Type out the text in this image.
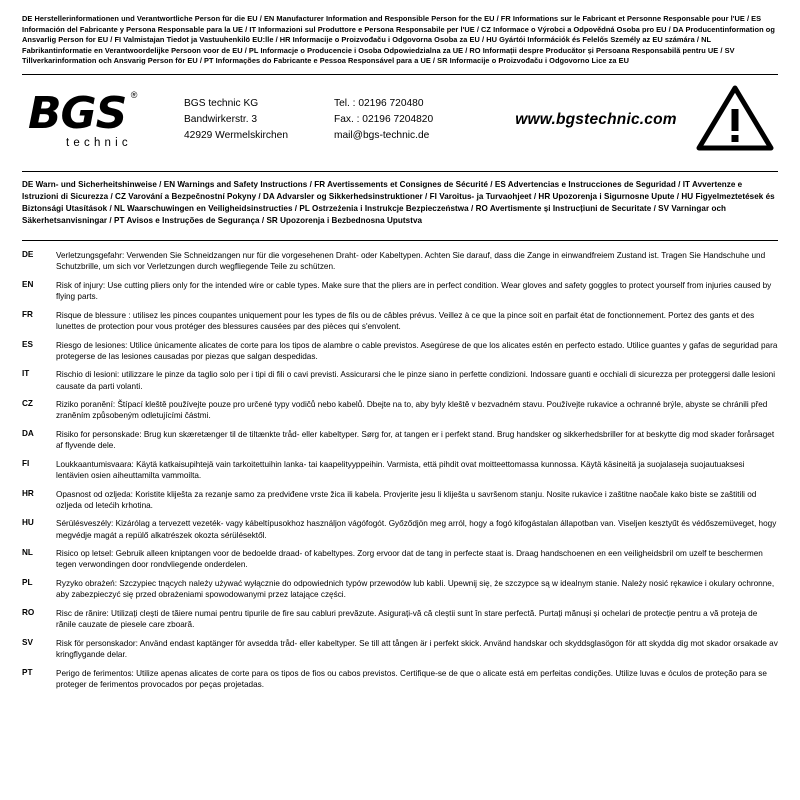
DE Herstellerinformationen und Verantwortliche Person für die EU / EN Manufacturer Information and Responsible Person for the EU / FR Informations sur le Fabricant et Personne Responsable pour l'UE / ES Información del Fabricante y Persona Responsable para la UE / IT Informazioni sul Produttore e Persona Responsabile per l'UE / CZ Informace o Výrobci a Odpovědná Osoba pro EU / DA Producentinformation og Ansvarlig Person for EU / FI Valmistajan Tiedot ja Vastuuhenkilö EU:lle / HR Informacije o Proizvođaču i Odgovorna Osoba za EU / HU Gyártói Információk és Felelős Személy az EU számára / NL Fabrikantinformatie en Verantwoordelijke Persoon voor de EU / PL Informacje o Producencie i Osoba Odpowiedzialna za UE / RO Informații despre Producător și Persoana Responsabilă pentru UE / SV Tillverkarinformation och Ansvarig Person för EU / PT Informações do Fabricante e Pessoa Responsável para a UE / SR Informacije o Proizvođaču i Odgovorno Lice za EU
BGS ®
technic
BGS technic KG
Bandwirkerstr. 3
42929 Wermelskirchen
Tel. : 02196 720480
Fax. : 02196 7204820
mail@bgs-technic.de
www.bgstechnic.com
DE Warn- und Sicherheitshinweise / EN Warnings and Safety Instructions / FR Avertissements et Consignes de Sécurité / ES Advertencias e Instrucciones de Seguridad / IT Avvertenze e Istruzioni di Sicurezza / CZ Varování a Bezpečnostní Pokyny / DA Advarsler og Sikkerhedsinstruktioner / FI Varoitus- ja Turvaohjeet / HR Upozorenja i Sigurnosne Upute / HU Figyelmeztetések és Biztonsági Utasítások / NL Waarschuwingen en Veiligheidsinstructies / PL Ostrzeżenia i Instrukcje Bezpieczeństwa / RO Avertismente și Instrucțiuni de Securitate / SV Varningar och Säkerhetsanvisningar / PT Avisos e Instruções de Segurança / SR Upozorenja i Bezbednosna Uputstva
DE	Verletzungsgefahr: Verwenden Sie Schneidzangen nur für die vorgesehenen Draht- oder Kabeltypen. Achten Sie darauf, dass die Zange in einwandfreiem Zustand ist. Tragen Sie Handschuhe und Schutzbrille, um sich vor Verletzungen durch wegfliegende Teile zu schützen.
EN	Risk of injury: Use cutting pliers only for the intended wire or cable types. Make sure that the pliers are in perfect condition. Wear gloves and safety goggles to protect yourself from injuries caused by flying parts.
FR	Risque de blessure : utilisez les pinces coupantes uniquement pour les types de fils ou de câbles prévus. Veillez à ce que la pince soit en parfait état de fonctionnement. Portez des gants et des lunettes de protection pour vous protéger des blessures causées par des pièces qui s'envolent.
ES	Riesgo de lesiones: Utilice únicamente alicates de corte para los tipos de alambre o cable previstos. Asegúrese de que los alicates estén en perfecto estado. Utilice guantes y gafas de seguridad para protegerse de las lesiones causadas por piezas que salgan despedidas.
IT	Rischio di lesioni: utilizzare le pinze da taglio solo per i tipi di fili o cavi previsti. Assicurarsi che le pinze siano in perfette condizioni. Indossare guanti e occhiali di sicurezza per proteggersi dalle lesioni causate da parti volanti.
CZ	Riziko poranění: Štípací kleště používejte pouze pro určené typy vodičů nebo kabelů. Dbejte na to, aby byly kleště v bezvadném stavu. Používejte rukavice a ochranné brýle, abyste se chránili před zraněním způsobeným odletujícími částmi.
DA	Risiko for personskade: Brug kun skæretænger til de tiltænkte tråd- eller kabeltyper. Sørg for, at tangen er i perfekt stand. Brug handsker og sikkerhedsbriller for at beskytte dig mod skader forårsaget af flyvende dele.
FI	Loukkaantumisvaara: Käytä katkaisupihtejä vain tarkoitettuihin lanka- tai kaapelityyppeihin. Varmista, että pihdit ovat moitteettomassa kunnossa. Käytä käsineitä ja suojalaseja suojautuaksesi lentävien osien aiheuttamilta vammoilta.
HR	Opasnost od ozljeda: Koristite kliješta za rezanje samo za predviđene vrste žica ili kabela. Provjerite jesu li kliješta u savršenom stanju. Nosite rukavice i zaštitne naočale kako biste se zaštitili od ozljeda od letećih krhotina.
HU	Sérülésveszély: Kizárólag a tervezett vezeték- vagy kábeltípusokhoz használjon vágófogót. Győződjön meg arról, hogy a fogó kifogástalan állapotban van. Viseljen kesztyűt és védőszemüveget, hogy megvédje magát a repülő alkatrészek okozta sérülésektől.
NL	Risico op letsel: Gebruik alleen kniptangen voor de bedoelde draad- of kabeltypes. Zorg ervoor dat de tang in perfecte staat is. Draag handschoenen en een veiligheidsbril om uzelf te beschermen tegen verwondingen door rondvliegende onderdelen.
PL	Ryzyko obrażeń: Szczypiec tnących należy używać wyłącznie do odpowiednich typów przewodów lub kabli. Upewnij się, że szczypce są w idealnym stanie. Należy nosić rękawice i okulary ochronne, aby zabezpieczyć się przed obrażeniami spowodowanymi przez latające części.
RO	Risc de rănire: Utilizați clești de tăiere numai pentru tipurile de fire sau cabluri prevăzute. Asigurați-vă că cleștii sunt în stare perfectă. Purtați mănuși și ochelari de protecție pentru a vă proteja de rănile cauzate de piesele care zboară.
SV	Risk för personskador: Använd endast kaptänger för avsedda tråd- eller kabeltyper. Se till att tången är i perfekt skick. Använd handskar och skyddsglasögon för att skydda dig mot skador orsakade av kringflygande delar.
PT	Perigo de ferimentos: Utilize apenas alicates de corte para os tipos de fios ou cabos previstos. Certifique-se de que o alicate está em perfeitas condições. Utilize luvas e óculos de proteção para se proteger de ferimentos provocados por peças projetadas.
